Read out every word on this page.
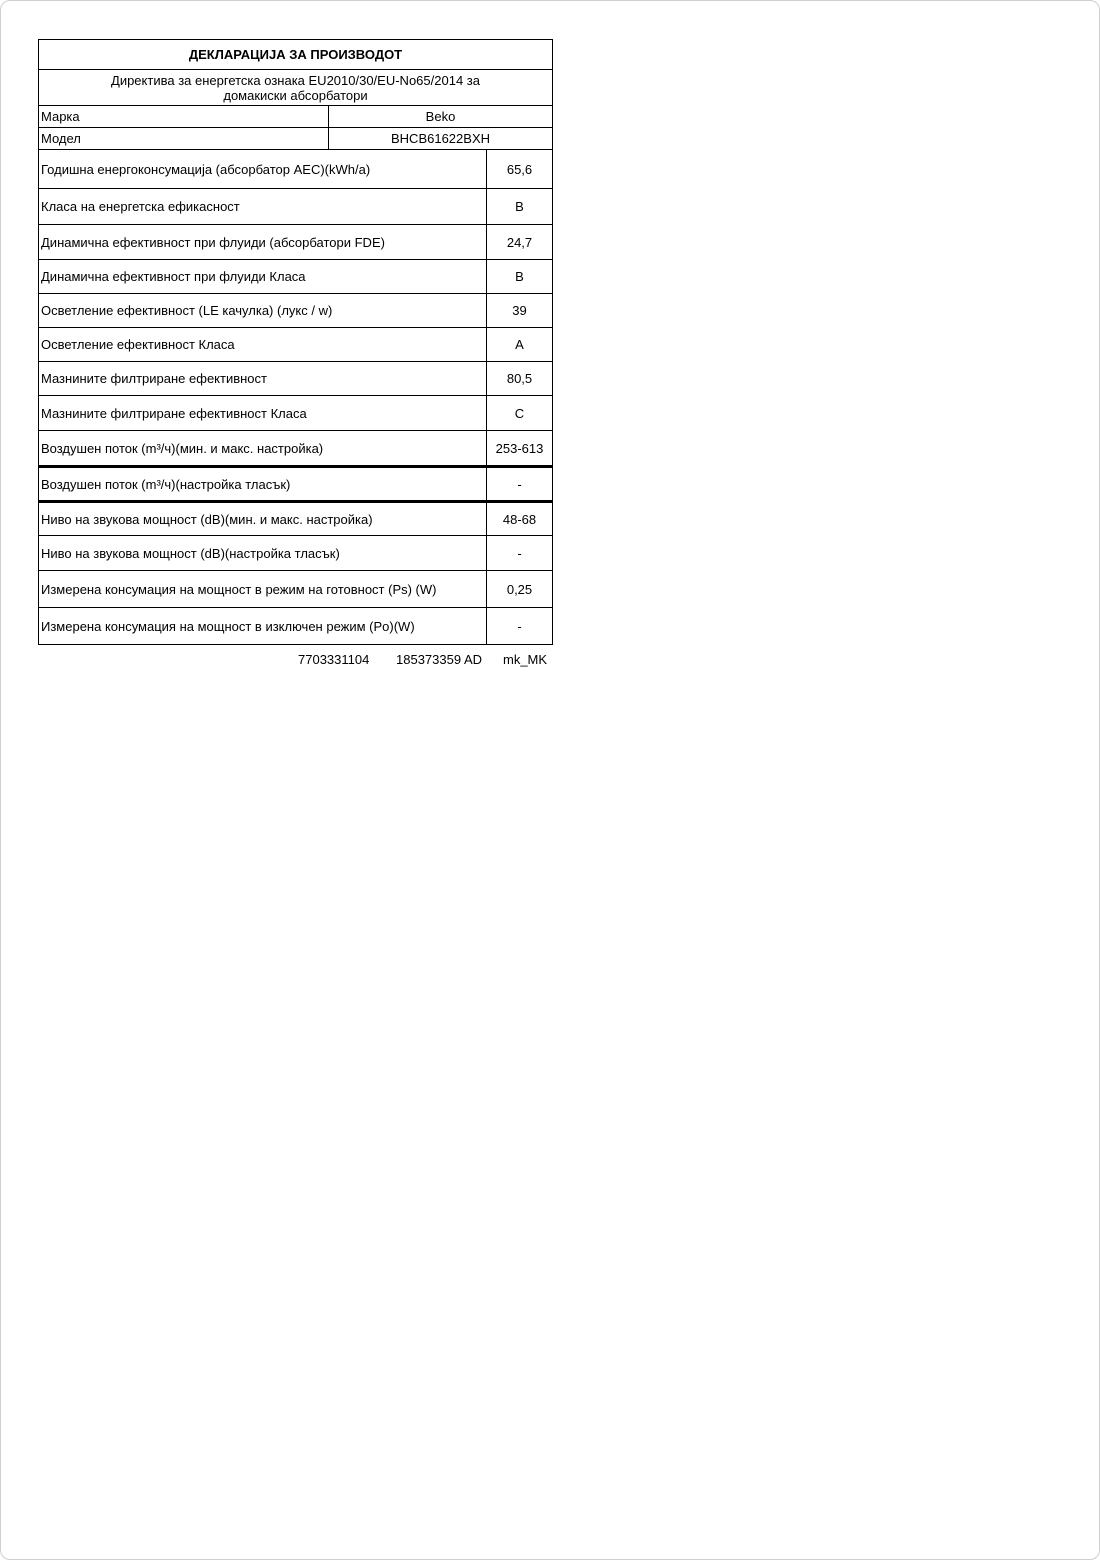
ДЕКЛАРАЦИЈА ЗА ПРОИЗВОДОТ
Директива за енергетска ознака EU2010/30/EU-No65/2014 за домакиски абсорбатори
Марка	Beko
Модел	BHCB61622BXH
Годишна енергоконсумација (абсорбатор AEC)(kWh/a)	65,6
Класа на енергетска ефикасност	B
Динамична ефективност при флуиди (абсорбатори FDE)	24,7
Динамична ефективност при флуиди Класа	B
Осветление ефективност (LE качулка) (лукс / w)	39
Осветление ефективност Класа	A
Мазнините филтриране ефективност	80,5
Мазнините филтриране ефективност Класа	C
Воздушен поток (m³/ч)(мин. и макс. настройка)	253-613
Воздушен поток (m³/ч)(настройка тласък)	-
Ниво на звукова мощност (dB)(мин. и макс. настройка)	48-68
Ниво на звукова мощност (dB)(настройка тласък)	-
Измерена консумация на мощност в режим на готовност (Ps) (W)	0,25
Измерена консумация на мощност в изключен режим (Po)(W)	-
7703331104 185373359 AD mk_MK
